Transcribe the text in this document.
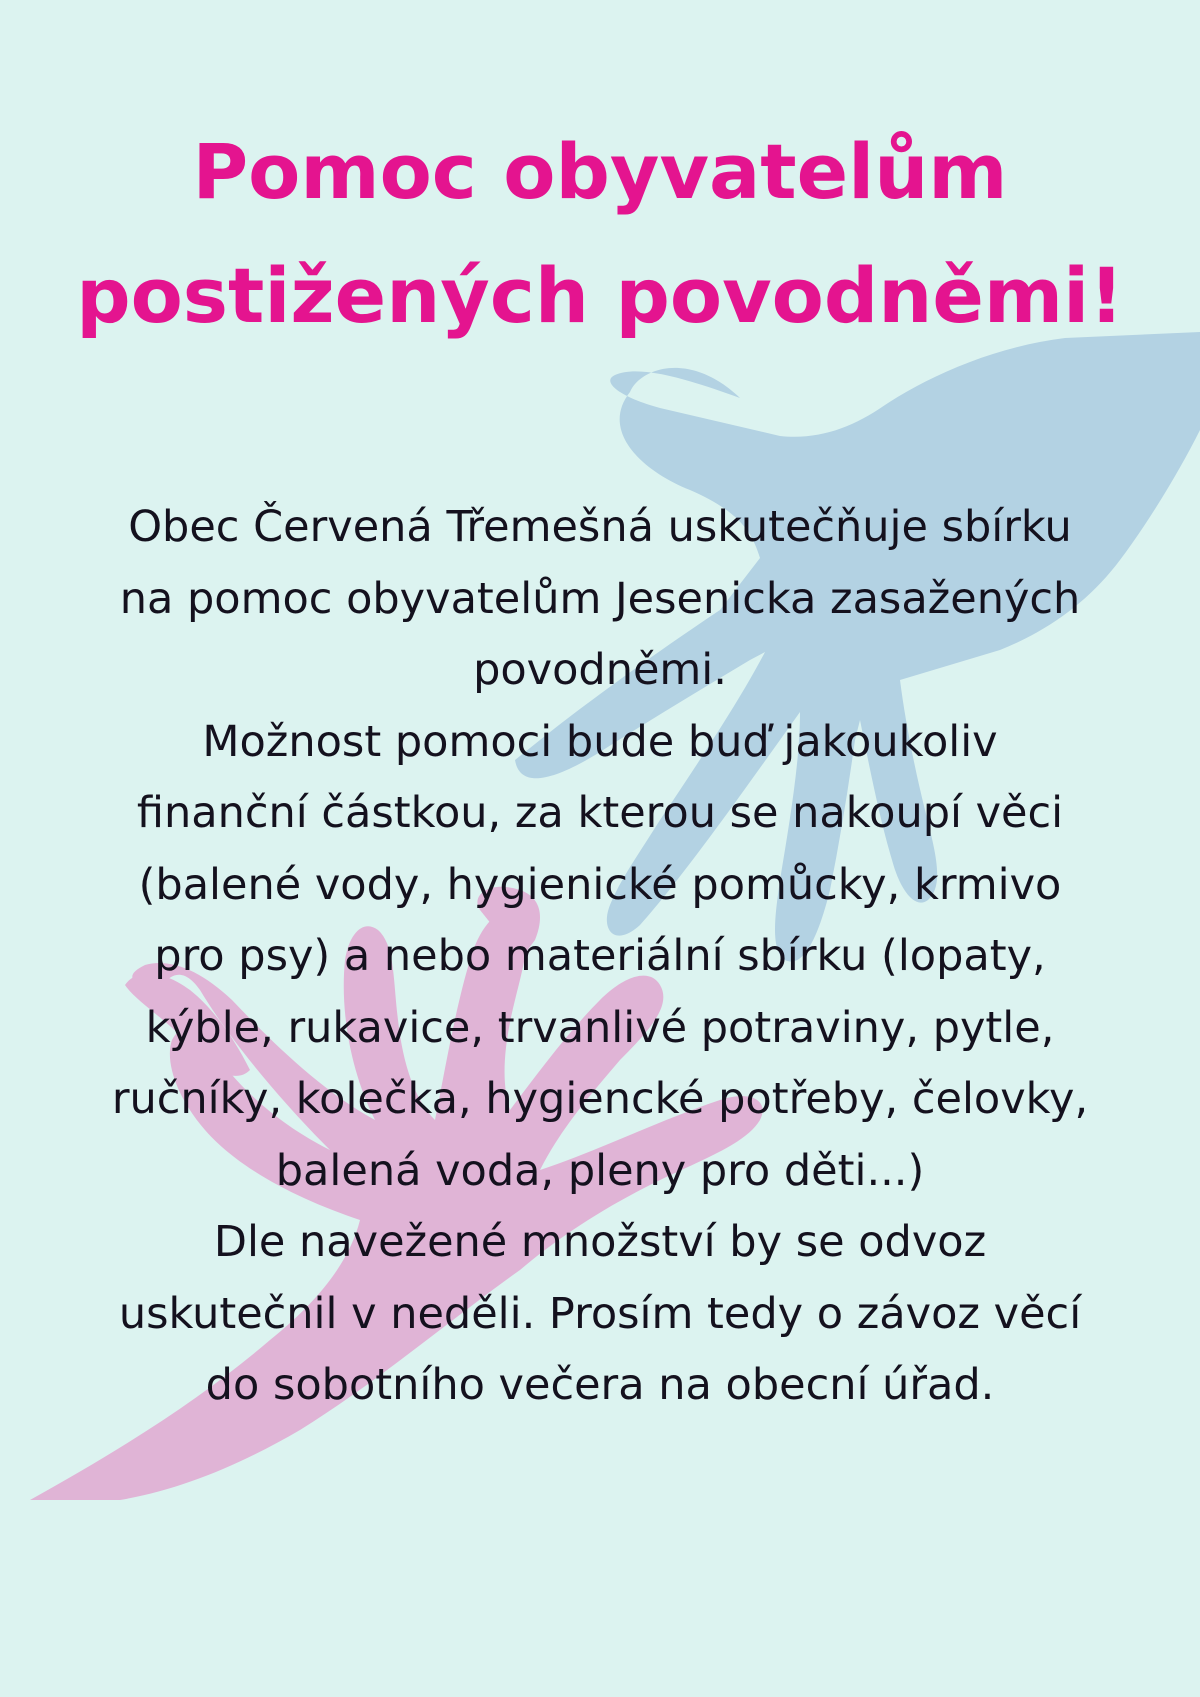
Pomoc obyvatelům
postižených povodněmi!

Obec Červená Třemešná uskutečňuje sbírku
na pomoc obyvatelům Jesenicka zasažených
povodněmi.
Možnost pomoci bude buď jakoukoliv
finanční částkou, za kterou se nakoupí věci
(balené vody, hygienické pomůcky, krmivo
pro psy) a nebo materiální sbírku (lopaty,
kýble, rukavice, trvanlivé potraviny, pytle,
ručníky, kolečka, hygiencké potřeby, čelovky,
balená voda, pleny pro děti...)
Dle navežené množství by se odvoz
uskutečnil v neděli. Prosím tedy o závoz věcí
do sobotního večera na obecní úřad.
